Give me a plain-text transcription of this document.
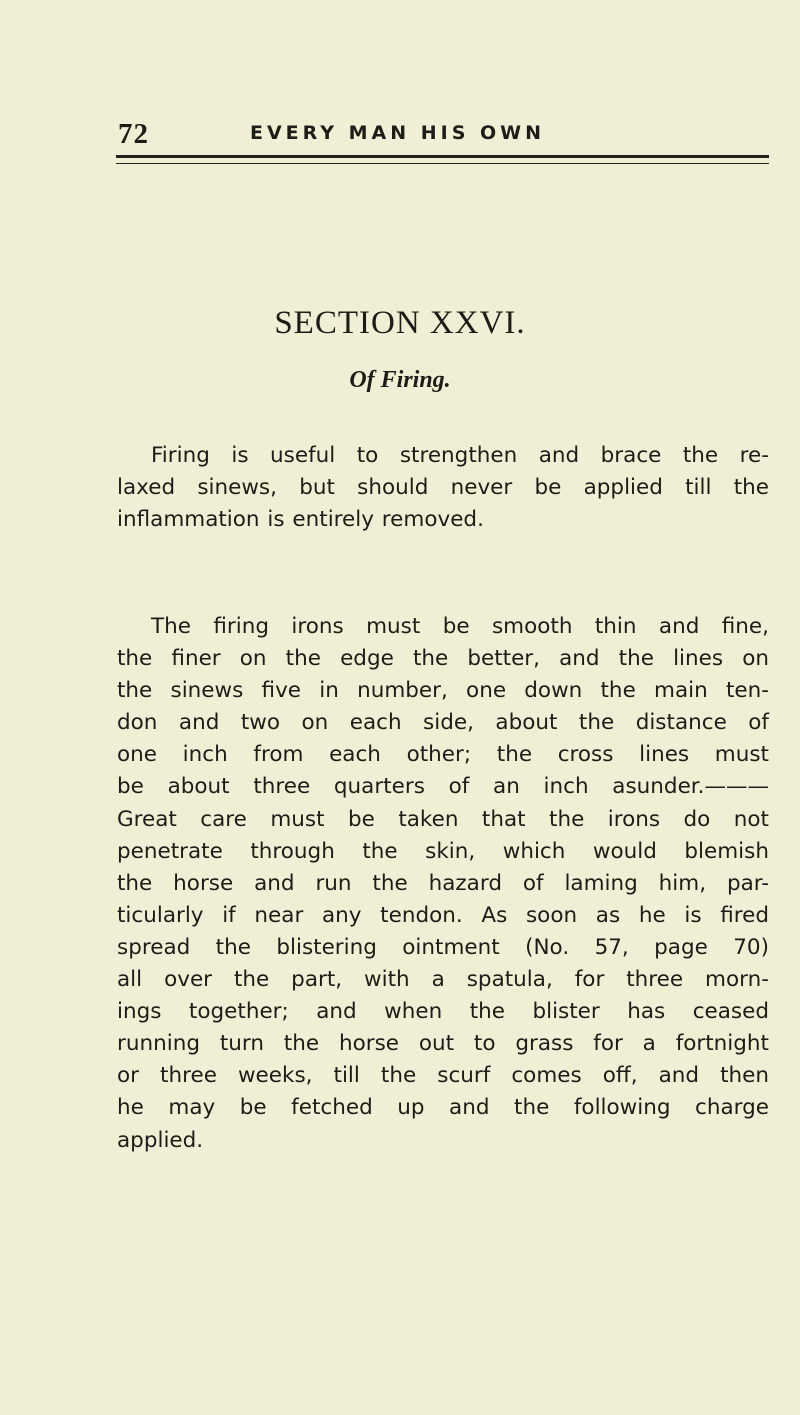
72	EVERY MAN HIS OWN
SECTION XXVI.
Of Firing.

Firing is useful to strengthen and brace the re-
laxed sinews, but should never be applied till the
inflammation is entirely removed.

The firing irons must be smooth thin and fine,
the finer on the edge the better, and the lines on
the sinews five in number, one down the main ten-
don and two on each side, about the distance of
one inch from each other; the cross lines must
be about three quarters of an inch asunder.———
Great care must be taken that the irons do not
penetrate through the skin, which would blemish
the horse and run the hazard of laming him, par-
ticularly if near any tendon. As soon as he is fired
spread the blistering ointment (No. 57, page 70)
all over the part, with a spatula, for three morn-
ings together; and when the blister has ceased
running turn the horse out to grass for a fortnight
or three weeks, till the scurf comes off, and then
he may be fetched up and the following charge
applied.
